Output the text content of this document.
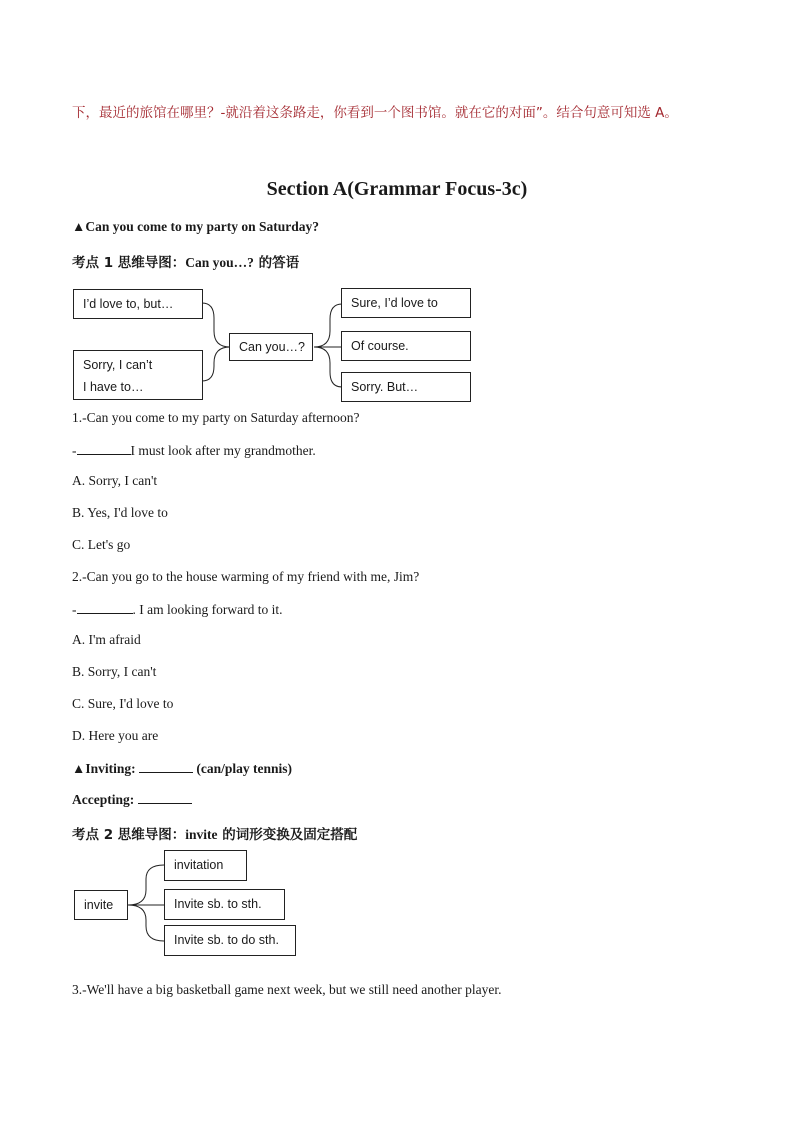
下，最近的旅馆在哪里？-就沿着这条路走，你看到一个图书馆。就在它的对面”。结合句意可知选 A。
Section A(Grammar Focus-3c)
▲Can you come to my party on Saturday?
考点 1 思维导图：Can you…? 的答语
I’d love to, but…
Sorry, I can’t
I have to…
Can you…?
Sure, I’d love to
Of course.
Sorry. But…
1.-Can you come to my party on Saturday afternoon?
-	I must look after my grandmother.
A. Sorry, I can't
B. Yes, I'd love to
C. Let's go
2.-Can you go to the house warming of my friend with me, Jim?
-	. I am looking forward to it.
A. I'm afraid
B. Sorry, I can't
C. Sure, I'd love to
D. Here you are
▲Inviting:	(can/play tennis)
Accepting:
考点 2 思维导图：invite 的词形变换及固定搭配
invite
invitation
Invite sb. to sth.
Invite sb. to do sth.
3.-We'll have a big basketball game next week, but we still need another player.
